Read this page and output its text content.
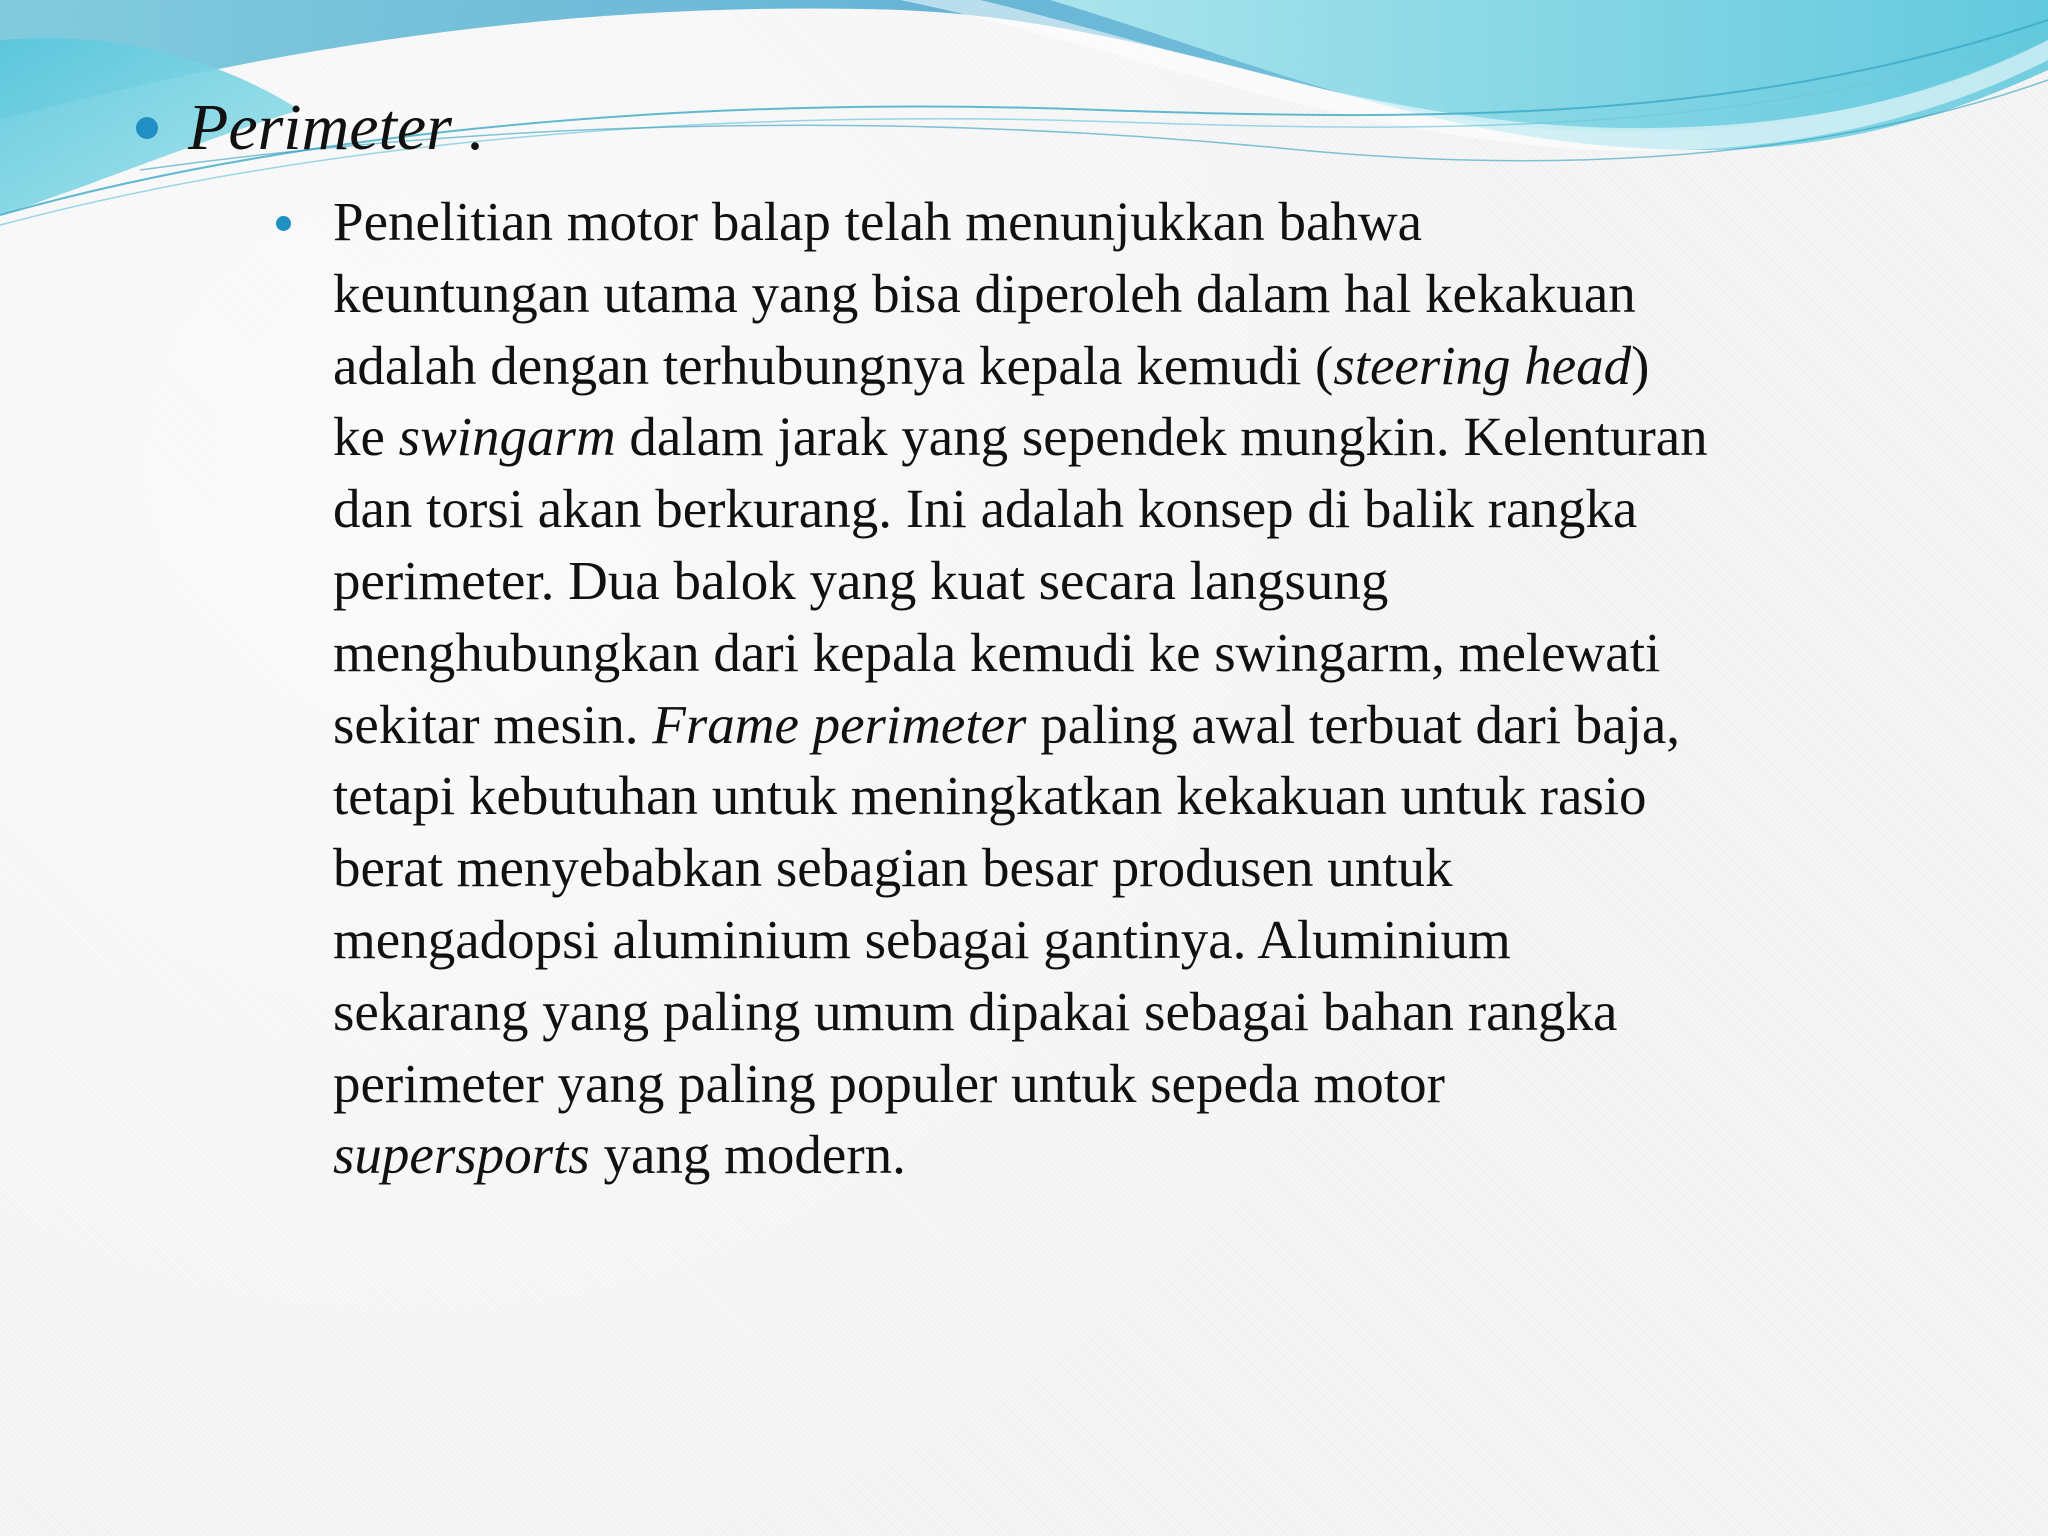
Perimeter .
Penelitian motor balap telah menunjukkan bahwa
keuntungan utama yang bisa diperoleh dalam hal kekakuan
adalah dengan terhubungnya kepala kemudi (steering head)
ke swingarm dalam jarak yang sependek mungkin. Kelenturan
dan torsi akan berkurang. Ini adalah konsep di balik rangka
perimeter. Dua balok yang kuat secara langsung
menghubungkan dari kepala kemudi ke swingarm, melewati
sekitar mesin. Frame perimeter paling awal terbuat dari baja,
tetapi kebutuhan untuk meningkatkan kekakuan untuk rasio
berat menyebabkan sebagian besar produsen untuk
mengadopsi aluminium sebagai gantinya. Aluminium
sekarang yang paling umum dipakai sebagai bahan rangka
perimeter yang paling populer untuk sepeda motor
supersports yang modern.
